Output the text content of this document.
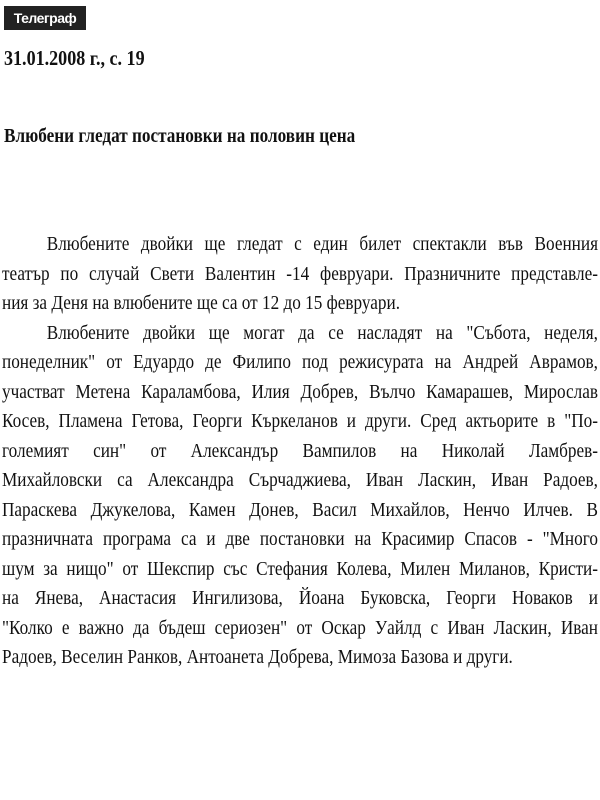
Телеграф
31.01.2008 г., с. 19
Влюбени гледат постановки на половин цена

Влюбените двойки ще гледат с един билет спектакли във Военния
театър по случай Свети Валентин -14 февруари. Празничните представле-
ния за Деня на влюбените ще са от 12 до 15 февруари.

Влюбените двойки ще могат да се насладят на "Събота, неделя,
понеделник" от Едуардо де Филипо под режисурата на Андрей Аврамов,
участват Метена Караламбова, Илия Добрев, Вълчо Камарашев, Мирослав
Косев, Пламена Гетова, Георги Къркеланов и други. Сред актьорите в "По-
големият син" от Александър Вампилов на Николай Ламбрев-
Михайловски са Александра Сърчаджиева, Иван Ласкин, Иван Радоев,
Параскева Джукелова, Камен Донев, Васил Михайлов, Ненчо Илчев. В
празничната програма са и две постановки на Красимир Спасов - "Много
шум за нищо" от Шекспир със Стефания Колева, Милен Миланов, Кристи-
на Янева, Анастасия Ингилизова, Йоана Буковска, Георги Новаков и
"Колко е важно да бъдеш сериозен" от Оскар Уайлд с Иван Ласкин, Иван
Радоев, Веселин Ранков, Антоанета Добрева, Мимоза Базова и други.
